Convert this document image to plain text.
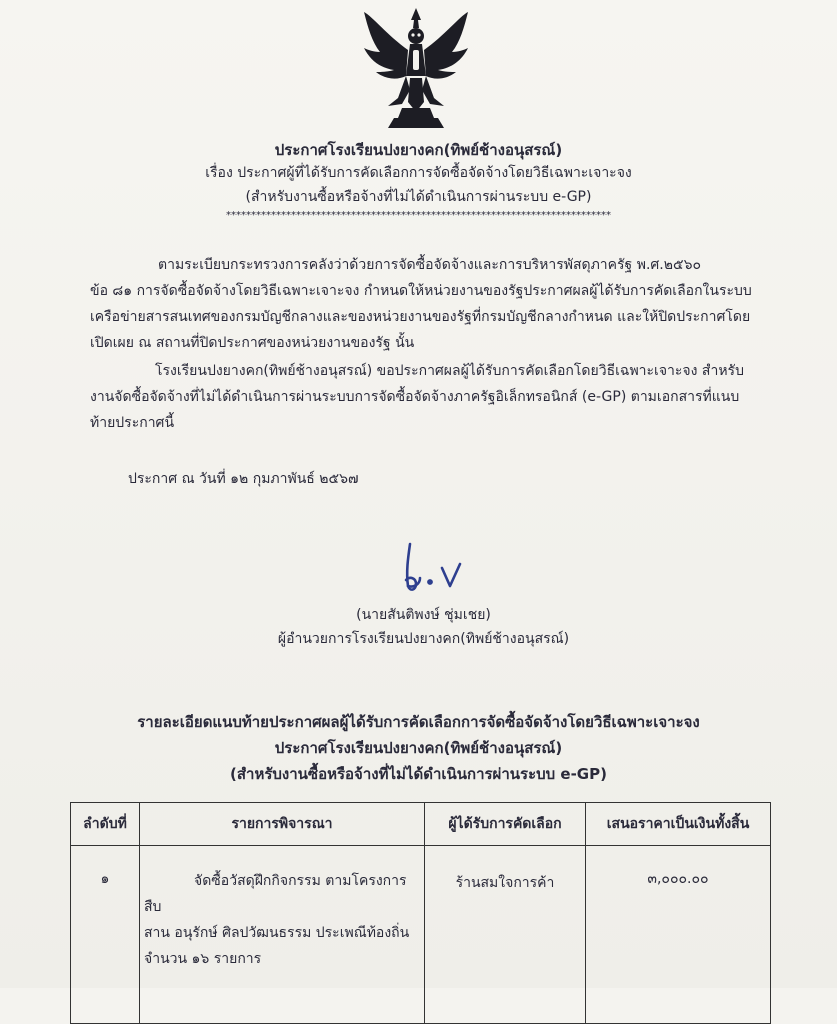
ประกาศโรงเรียนปงยางคก(ทิพย์ช้างอนุสรณ์)
เรื่อง ประกาศผู้ที่ได้รับการคัดเลือกการจัดซื้อจัดจ้างโดยวิธีเฉพาะเจาะจง
(สำหรับงานซื้อหรือจ้างที่ไม่ได้ดำเนินการผ่านระบบ e-GP)
*****************************************************************************
ตามระเบียบกระทรวงการคลังว่าด้วยการจัดซื้อจัดจ้างและการบริหารพัสดุภาครัฐ พ.ศ.๒๕๖๐
ข้อ ๘๑ การจัดซื้อจัดจ้างโดยวิธีเฉพาะเจาะจง กำหนดให้หน่วยงานของรัฐประกาศผลผู้ได้รับการคัดเลือกในระบบ
เครือข่ายสารสนเทศของกรมบัญชีกลางและของหน่วยงานของรัฐที่กรมบัญชีกลางกำหนด และให้ปิดประกาศโดย
เปิดเผย ณ สถานที่ปิดประกาศของหน่วยงานของรัฐ นั้น
โรงเรียนปงยางคก(ทิพย์ช้างอนุสรณ์) ขอประกาศผลผู้ได้รับการคัดเลือกโดยวิธีเฉพาะเจาะจง สำหรับ
งานจัดซื้อจัดจ้างที่ไม่ได้ดำเนินการผ่านระบบการจัดซื้อจัดจ้างภาครัฐอิเล็กทรอนิกส์ (e-GP) ตามเอกสารที่แนบ
ท้ายประกาศนี้
ประกาศ ณ วันที่ ๑๒ กุมภาพันธ์ ๒๕๖๗
(นายสันติพงษ์ ชุ่มเชย)
ผู้อำนวยการโรงเรียนปงยางคก(ทิพย์ช้างอนุสรณ์)
รายละเอียดแนบท้ายประกาศผลผู้ได้รับการคัดเลือกการจัดซื้อจัดจ้างโดยวิธีเฉพาะเจาะจง
ประกาศโรงเรียนปงยางคก(ทิพย์ช้างอนุสรณ์)
(สำหรับงานซื้อหรือจ้างที่ไม่ได้ดำเนินการผ่านระบบ e-GP)
ลำดับที่	รายการพิจารณา	ผู้ได้รับการคัดเลือก	เสนอราคาเป็นเงินทั้งสิ้น
๑	จัดซื้อวัสดุฝึกกิจกรรม ตามโครงการสืบ
สาน อนุรักษ์ ศิลปวัฒนธรรม ประเพณีท้องถิ่น
จำนวน ๑๖ รายการ	ร้านสมใจการค้า	๓,๐๐๐.๐๐
